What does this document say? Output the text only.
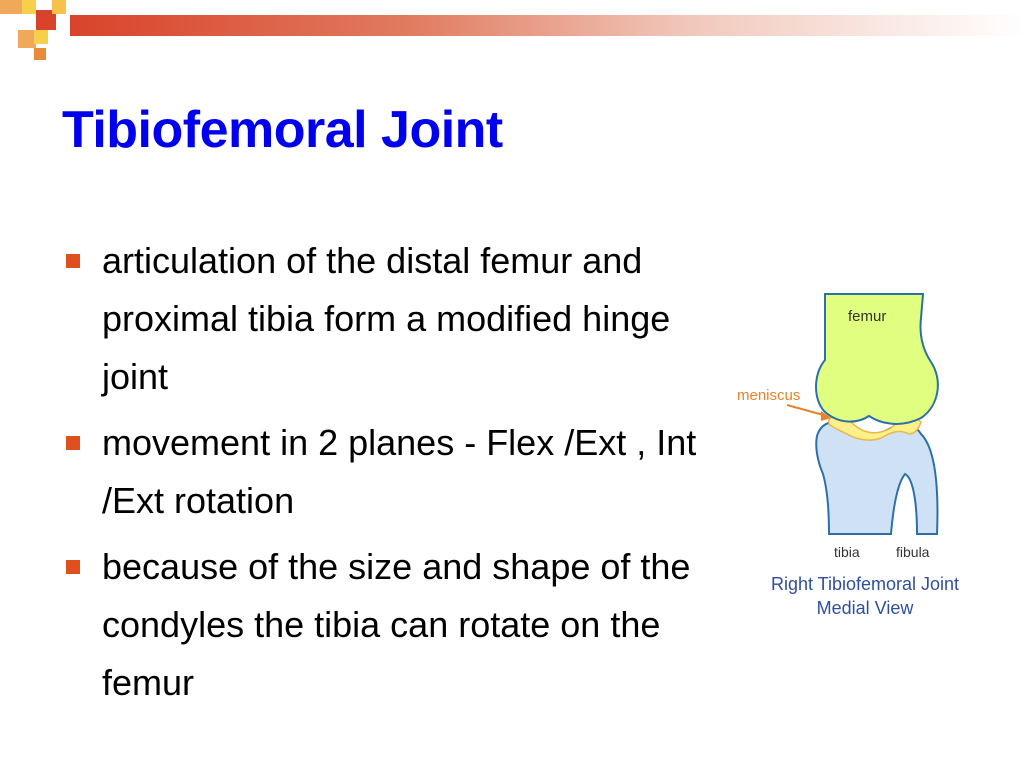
Tibiofemoral Joint
articulation of the distal femur and proximal tibia form a modified hinge joint
movement in 2 planes - Flex /Ext , Int /Ext rotation
because of the size and shape of the condyles the tibia can rotate on the femur
femur
meniscus
tibia	fibula
Right Tibiofemoral Joint
Medial View
